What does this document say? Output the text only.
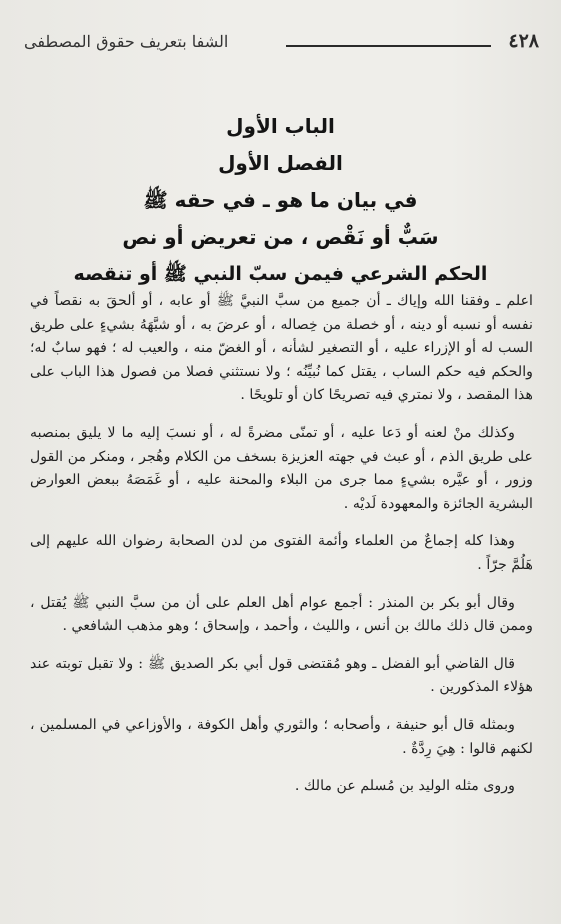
٤٢٨
الشفا بتعريف حقوق المصطفى
الباب الأول
الفصل الأول
في بيان ما هو ـ في حقه ﷺ
سَبٌّ أو نَقْص ، من تعريض أو نص
الحكم الشرعي فيمن سبّ النبي ﷺ أو تنقصه

اعلم ـ وفقنا الله وإياك ـ أن جميع من سبَّ النبيَّ ﷺ أو عابه ، أو ألحقَ به نقصاً في نفسه أو نسبه أو دينه ، أو خصلة من خِصاله ، أو عرضَ به ، أو شبَّهَهُ بشيءٍ على طريق السب له أو الإزراء عليه ، أو التصغير لشأنه ، أو الغضّ منه ، والعيب له ؛ فهو سابٌ له؛ والحكم فيه حكم الساب ، يقتل كما نُبيِّنُه ؛ ولا نستثني فصلا من فصول هذا الباب على هذا المقصد ، ولا نمتري فيه تصريحًا كان أو تلويحًا .

وكذلك منْ لعنه أو دَعا عليه ، أو تمنّى مضرةً له ، أو نسبَ إليه ما لا يليق بمنصبه على طريق الذم ، أو عبث في جهته العزيزة بسخف من الكلام وهُجر ، ومنكر من القول وزور ، أو عيَّره بشيءٍ مما جرى من البلاء والمحنة عليه ، أو غَمَصَهُ ببعض العوارض البشرية الجائزة والمعهودة لَديْه .

وهذا كله إجماعٌ من العلماء وأئمة الفتوى من لدن الصحابة رضوان الله عليهم إلى هَلُمَّ جرّاً .

وقال أبو بكر بن المنذر : أجمع عوام أهل العلم على أن من سبَّ النبي ﷺ يُقتل ، وممن قال ذلك مالك بن أنس ، والليث ، وأحمد ، وإسحاق ؛ وهو مذهب الشافعي .

قال القاضي أبو الفضل ـ وهو مُقتضى قول أبي بكر الصديق ﷺ : ولا تقبل توبته عند هؤلاء المذكورين .

وبمثله قال أبو حنيفة ، وأصحابه ؛ والثوري وأهل الكوفة ، والأوزاعي في المسلمين ، لكنهم قالوا : هِيَ رِدَّةٌ .

وروى مثله الوليد بن مُسلم عن مالك .
